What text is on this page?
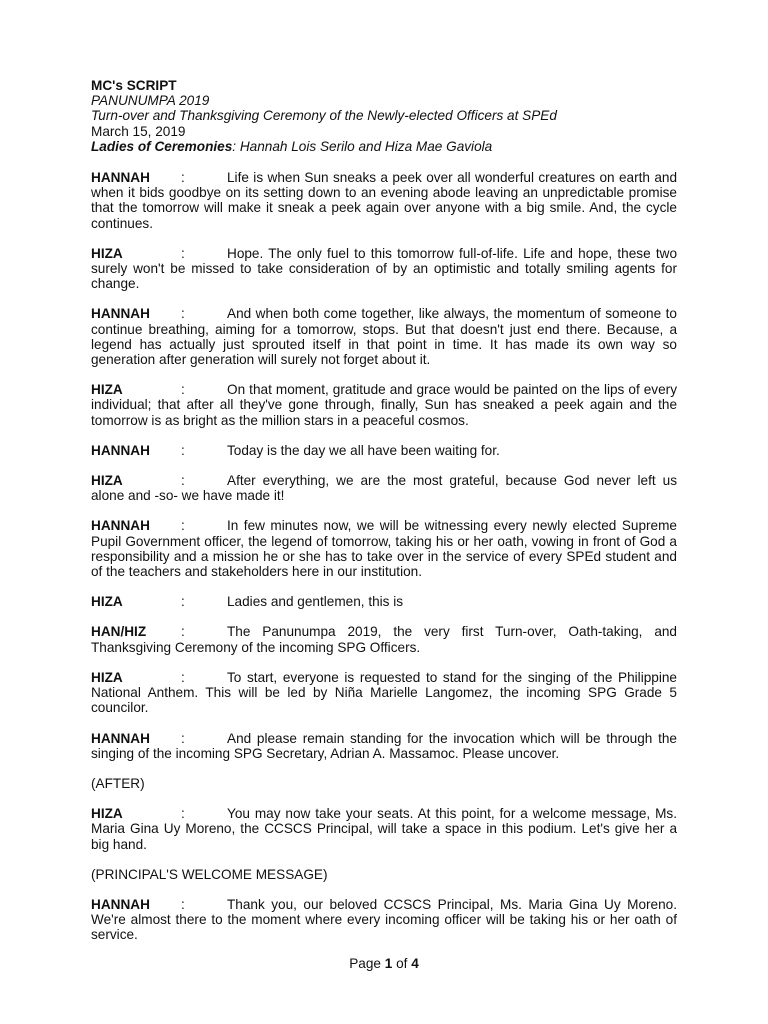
MC's SCRIPT
PANUNUMPA 2019
Turn-over and Thanksgiving Ceremony of the Newly-elected Officers at SPEd
March 15, 2019
Ladies of Ceremonies: Hannah Lois Serilo and Hiza Mae Gaviola
HANNAH :	Life is when Sun sneaks a peek over all wonderful creatures on earth and when it bids goodbye on its setting down to an evening abode leaving an unpredictable promise that the tomorrow will make it sneak a peek again over anyone with a big smile. And, the cycle continues.
HIZA	:	Hope. The only fuel to this tomorrow full-of-life. Life and hope, these two surely won't be missed to take consideration of by an optimistic and totally smiling agents for change.
HANNAH :	And when both come together, like always, the momentum of someone to continue breathing, aiming for a tomorrow, stops. But that doesn't just end there. Because, a legend has actually just sprouted itself in that point in time. It has made its own way so generation after generation will surely not forget about it.
HIZA	:	On that moment, gratitude and grace would be painted on the lips of every individual; that after all they've gone through, finally, Sun has sneaked a peek again and the tomorrow is as bright as the million stars in a peaceful cosmos.
HANNAH :	Today is the day we all have been waiting for.
HIZA	:	After everything, we are the most grateful, because God never left us alone and -so- we have made it!
HANNAH :	In few minutes now, we will be witnessing every newly elected Supreme Pupil Government officer, the legend of tomorrow, taking his or her oath, vowing in front of God a responsibility and a mission he or she has to take over in the service of every SPEd student and of the teachers and stakeholders here in our institution.
HIZA	:	Ladies and gentlemen, this is
HAN/HIZ	:	The Panunumpa 2019, the very first Turn-over, Oath-taking, and Thanksgiving Ceremony of the incoming SPG Officers.
HIZA	:	To start, everyone is requested to stand for the singing of the Philippine National Anthem. This will be led by Niña Marielle Langomez, the incoming SPG Grade 5 councilor.
HANNAH :	And please remain standing for the invocation which will be through the singing of the incoming SPG Secretary, Adrian A. Massamoc. Please uncover.
(AFTER)
HIZA	:	You may now take your seats. At this point, for a welcome message, Ms. Maria Gina Uy Moreno, the CCSCS Principal, will take a space in this podium. Let's give her a big hand.
(PRINCIPAL'S WELCOME MESSAGE)
HANNAH :	Thank you, our beloved CCSCS Principal, Ms. Maria Gina Uy Moreno. We're almost there to the moment where every incoming officer will be taking his or her oath of service.
Page 1 of 4
